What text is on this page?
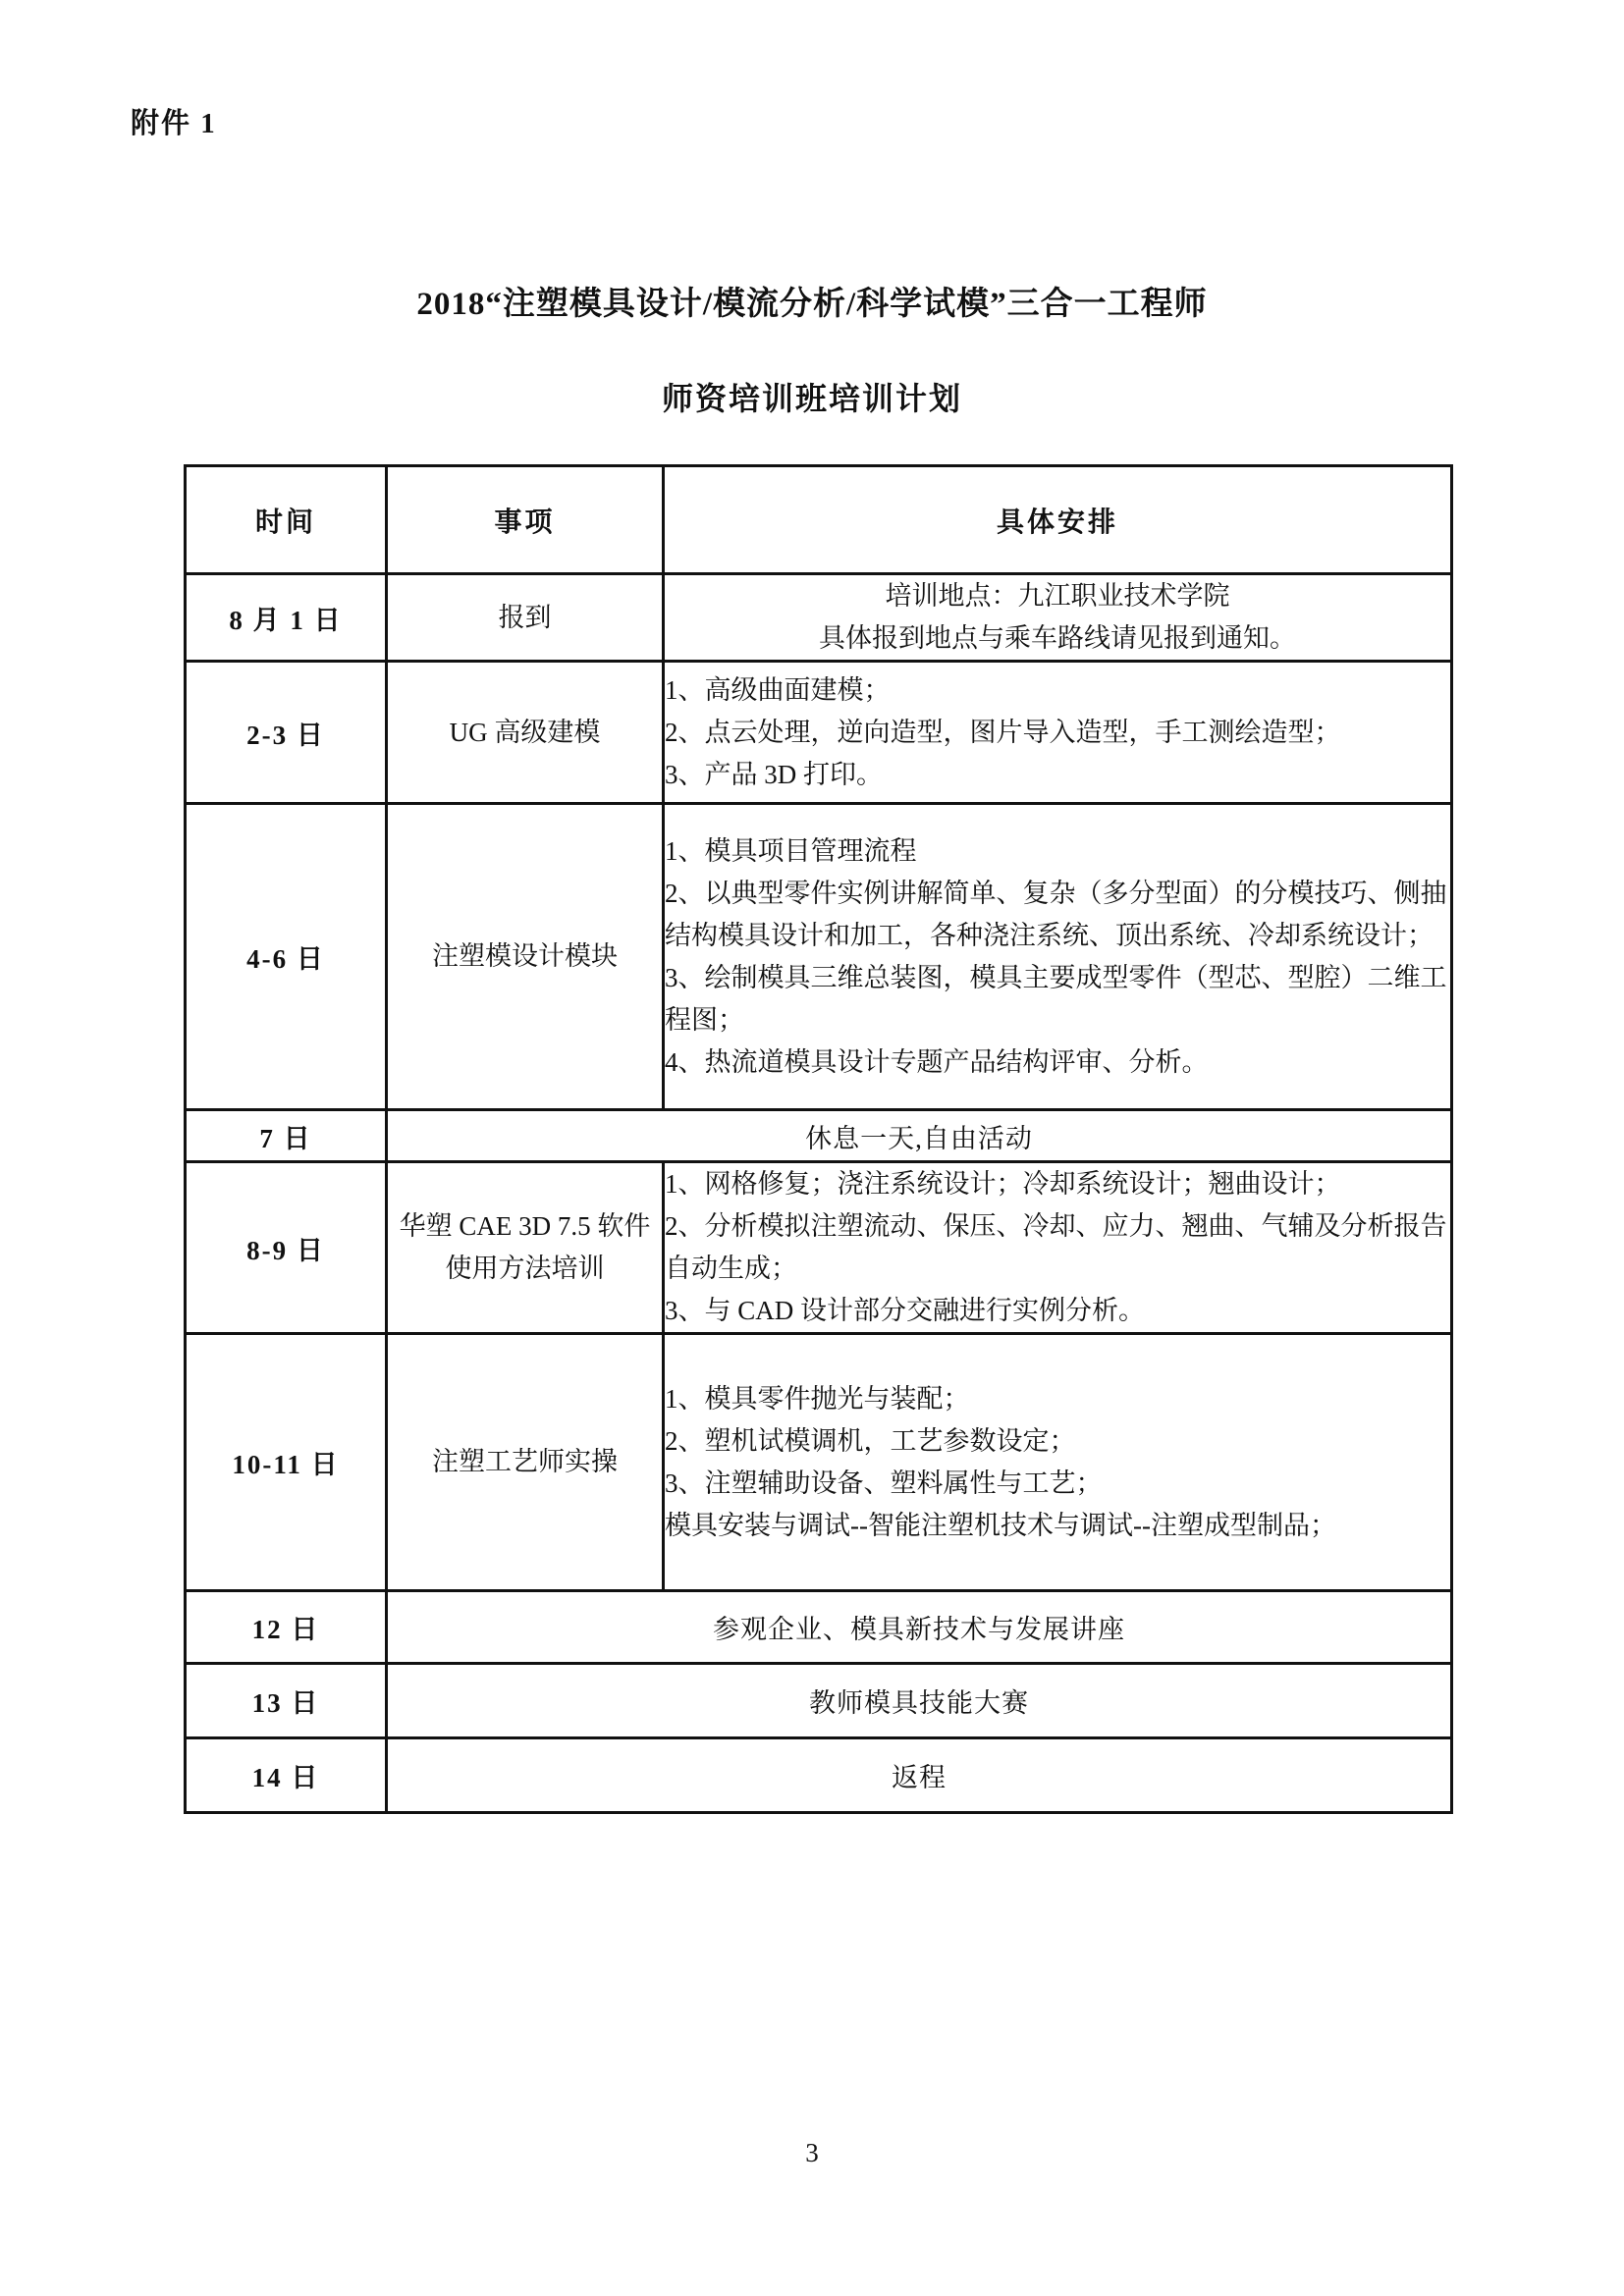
附件 1
2018“注塑模具设计/模流分析/科学试模”三合一工程师
师资培训班培训计划
时间	事项	具体安排
8 月 1 日	报到	培训地点：九江职业技术学院
具体报到地点与乘车路线请见报到通知。

2-3 日	UG 高级建模	1、高级曲面建模；
2、点云处理，逆向造型，图片导入造型，手工测绘造型；
3、产品 3D 打印。

4-6 日	注塑模设计模块	1、模具项目管理流程
2、以典型零件实例讲解简单、复杂（多分型面）的分模技巧、侧抽结构模具设计和加工，各种浇注系统、顶出系统、冷却系统设计；
3、绘制模具三维总装图，模具主要成型零件（型芯、型腔）二维工程图；
4、热流道模具设计专题产品结构评审、分析。

7 日	休息一天,自由活动	
8-9 日	华塑 CAE 3D 7.5 软件使用方法培训	1、网格修复；浇注系统设计；冷却系统设计；翘曲设计；
2、分析模拟注塑流动、保压、冷却、应力、翘曲、气辅及分析报告自动生成；
3、与 CAD 设计部分交融进行实例分析。

10-11 日	注塑工艺师实操	1、模具零件抛光与装配；
2、塑机试模调机，工艺参数设定；
3、注塑辅助设备、塑料属性与工艺；
模具安装与调试--智能注塑机技术与调试--注塑成型制品；

12 日	参观企业、模具新技术与发展讲座	
13 日	教师模具技能大赛	
14 日	返程	
3
